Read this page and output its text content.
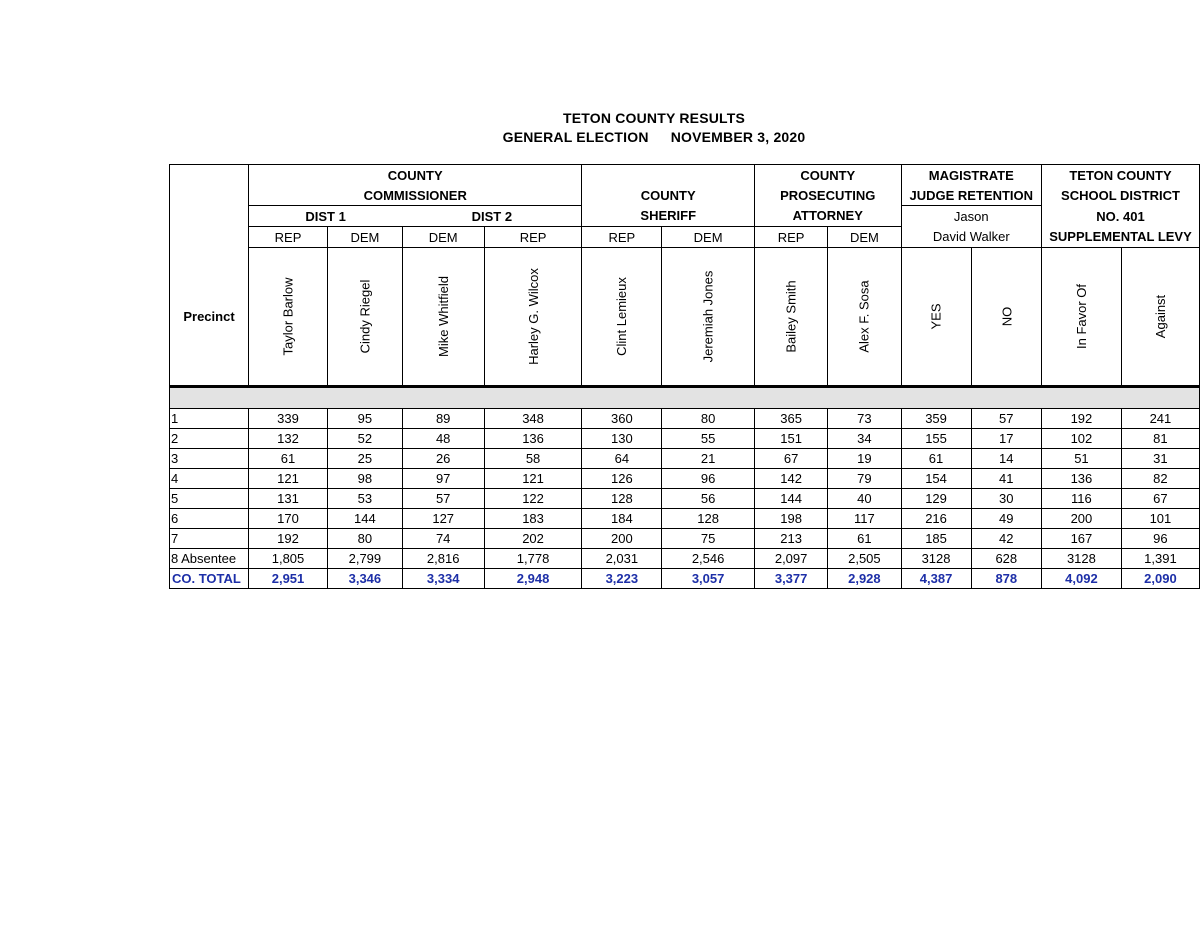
TETON COUNTY RESULTS
GENERAL ELECTION NOVEMBER 3, 2020
	COUNTY						COUNTY		MAGISTRATE		TETON COUNTY	
	COMMISSIONER				COUNTY		PROSECUTING		JUDGE RETENTION		SCHOOL DISTRICT	
	DIST 1		DIST 2		SHERIFF		ATTORNEY		Jason		NO. 401	
	REP	DEM	DEM	REP	REP	DEM	REP	DEM	David Walker		SUPPLEMENTAL LEVY	
Precinct	Taylor Barlow	Cindy Riegel	Mike Whitfield	Harley G. Wilcox	Clint Lemieux	Jeremiah Jones	Bailey Smith	Alex F. Sosa	YES	NO	In Favor Of	Against

1	339	95	89	348	360	80	365	73	359	57	192	241
2	132	52	48	136	130	55	151	34	155	17	102	81
3	61	25	26	58	64	21	67	19	61	14	51	31
4	121	98	97	121	126	96	142	79	154	41	136	82
5	131	53	57	122	128	56	144	40	129	30	116	67
6	170	144	127	183	184	128	198	117	216	49	200	101
7	192	80	74	202	200	75	213	61	185	42	167	96
8 Absentee	1,805	2,799	2,816	1,778	2,031	2,546	2,097	2,505	3128	628	3128	1,391
CO. TOTAL	2,951	3,346	3,334	2,948	3,223	3,057	3,377	2,928	4,387	878	4,092	2,090
